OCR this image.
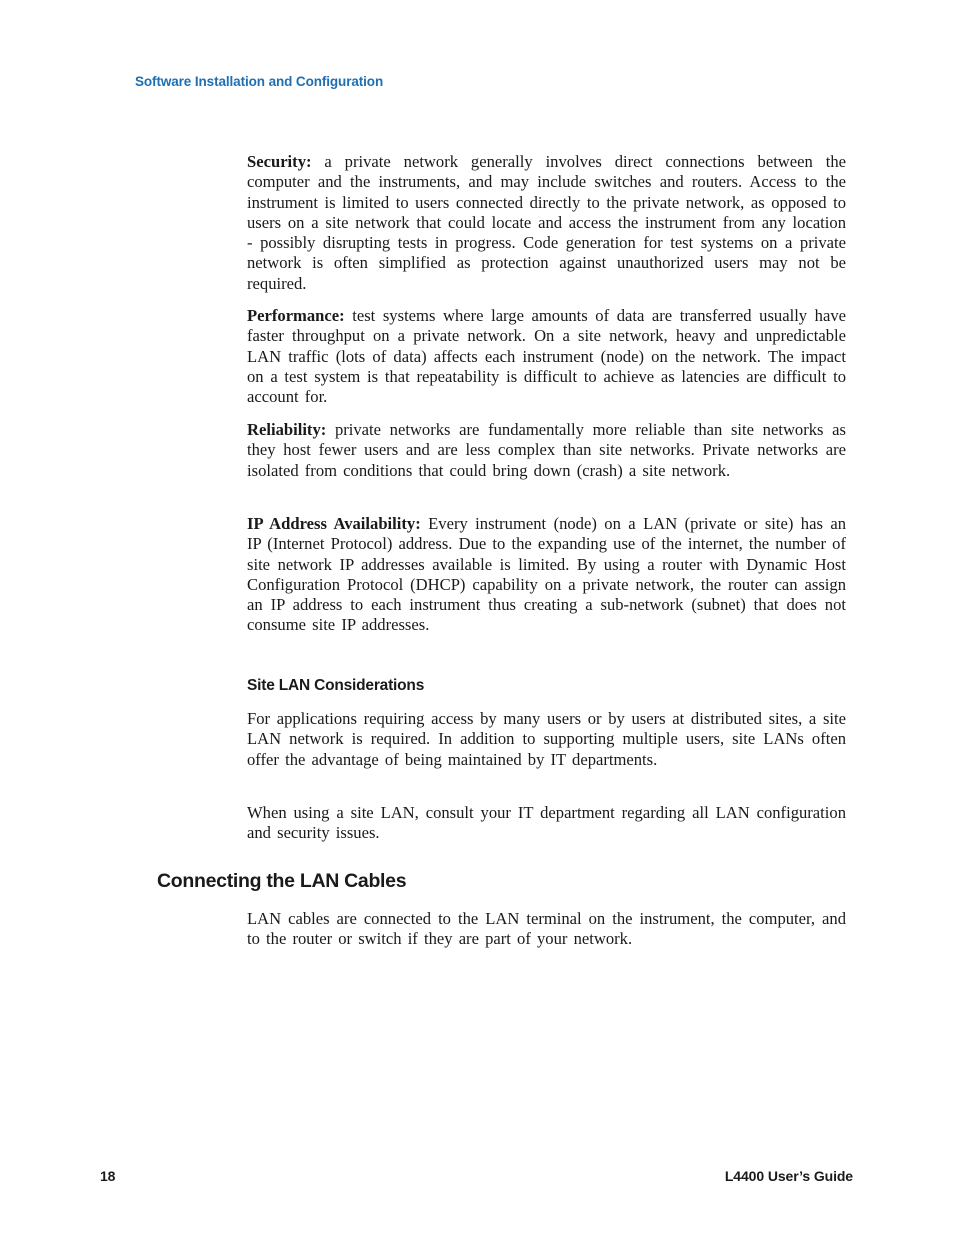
Software Installation and Configuration

Security: a private network generally involves direct connections between the computer and the instruments, and may include switches and routers. Access to the instrument is limited to users connected directly to the private network, as opposed to users on a site network that could locate and access the instrument from any location - possibly disrupting tests in progress. Code generation for test systems on a private network is often simplified as protection against unauthorized users may not be required.

Performance: test systems where large amounts of data are transferred usually have faster throughput on a private network. On a site network, heavy and unpredictable LAN traffic (lots of data) affects each instrument (node) on the network. The impact on a test system is that repeatability is difficult to achieve as latencies are difficult to account for.

Reliability: private networks are fundamentally more reliable than site networks as they host fewer users and are less complex than site networks. Private networks are isolated from conditions that could bring down (crash) a site network.

IP Address Availability: Every instrument (node) on a LAN (private or site) has an IP (Internet Protocol) address. Due to the expanding use of the internet, the number of site network IP addresses available is limited. By using a router with Dynamic Host Configuration Protocol (DHCP) capability on a private network, the router can assign an IP address to each instrument thus creating a sub-network (subnet) that does not consume site IP addresses.

Site LAN Considerations

For applications requiring access by many users or by users at distributed sites, a site LAN network is required. In addition to supporting multiple users, site LANs often offer the advantage of being maintained by IT departments.

When using a site LAN, consult your IT department regarding all LAN configuration and security issues.

Connecting the LAN Cables

LAN cables are connected to the LAN terminal on the instrument, the computer, and to the router or switch if they are part of your network.

18	L4400 User’s Guide
